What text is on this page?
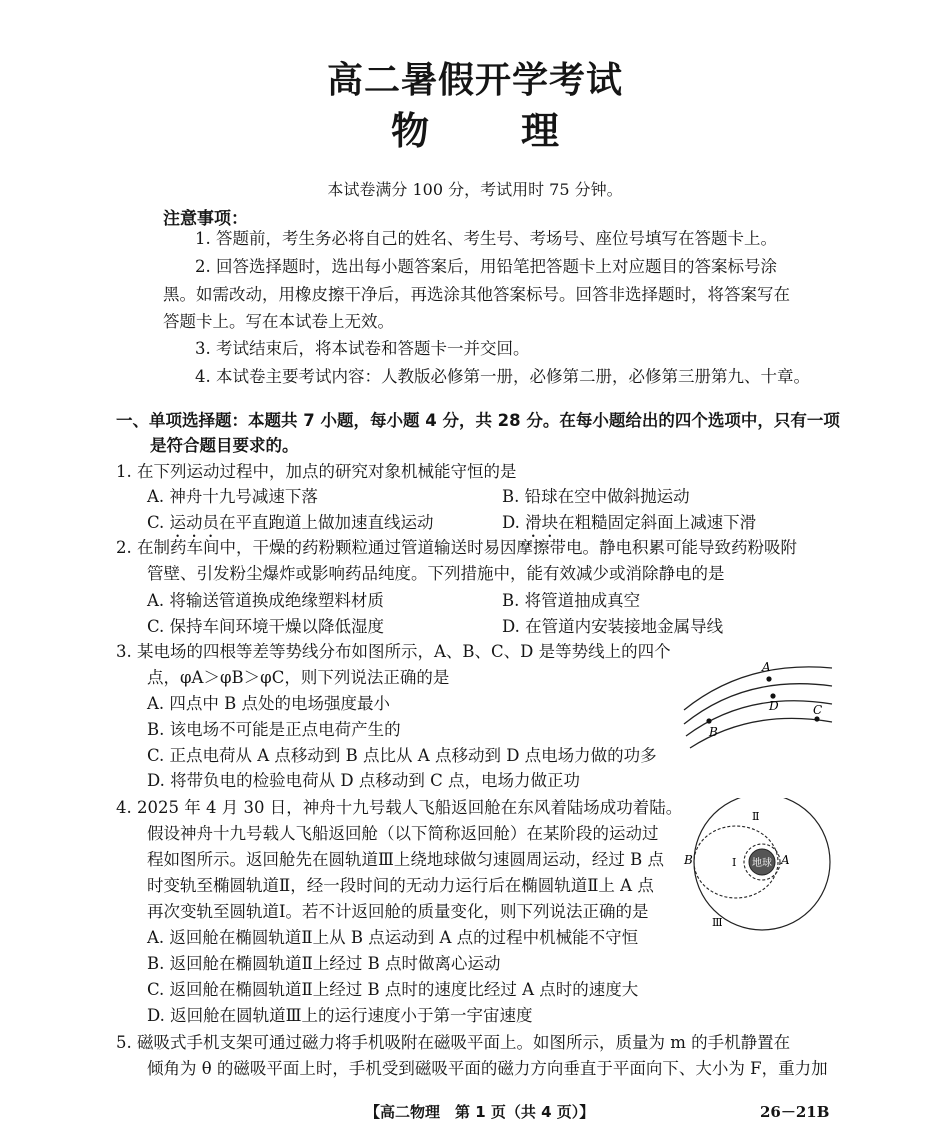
高二暑假开学考试
物 理
本试卷满分 100 分，考试用时 75 分钟。
注意事项：
1. 答题前，考生务必将自己的姓名、考生号、考场号、座位号填写在答题卡上。
2. 回答选择题时，选出每小题答案后，用铅笔把答题卡上对应题目的答案标号涂
黑。如需改动，用橡皮擦干净后，再选涂其他答案标号。回答非选择题时，将答案写在
答题卡上。写在本试卷上无效。
3. 考试结束后，将本试卷和答题卡一并交回。
4. 本试卷主要考试内容：人教版必修第一册，必修第二册，必修第三册第九、十章。
一、单项选择题：本题共 7 小题，每小题 4 分，共 28 分。在每小题给出的四个选项中，只有一项
是符合题目要求的。
1. 在下列运动过程中，加点的研究对象机械能守恒的是
A. 神舟十九号减速下落	B. 铅球在空中做斜抛运动
C. 运动员在平直跑道上做加速直线运动	D. 滑块在粗糙固定斜面上减速下滑
2. 在制药车间中，干燥的药粉颗粒通过管道输送时易因摩擦带电。静电积累可能导致药粉吸附
管壁、引发粉尘爆炸或影响药品纯度。下列措施中，能有效减少或消除静电的是
A. 将输送管道换成绝缘塑料材质	B. 将管道抽成真空
C. 保持车间环境干燥以降低湿度	D. 在管道内安装接地金属导线
3. 某电场的四根等差等势线分布如图所示，A、B、C、D 是等势线上的四个
点，φA＞φB＞φC，则下列说法正确的是
A. 四点中 B 点处的电场强度最小
B. 该电场不可能是正点电荷产生的
C. 正点电荷从 A 点移动到 B 点比从 A 点移动到 D 点电场力做的功多
D. 将带负电的检验电荷从 D 点移动到 C 点，电场力做正功
A
D
B
C
4. 2025 年 4 月 30 日，神舟十九号载人飞船返回舱在东风着陆场成功着陆。
假设神舟十九号载人飞船返回舱（以下简称返回舱）在某阶段的运动过
程如图所示。返回舱先在圆轨道Ⅲ上绕地球做匀速圆周运动，经过 B 点
时变轨至椭圆轨道Ⅱ，经一段时间的无动力运行后在椭圆轨道Ⅱ上 A 点
再次变轨至圆轨道Ⅰ。若不计返回舱的质量变化，则下列说法正确的是
A. 返回舱在椭圆轨道Ⅱ上从 B 点运动到 A 点的过程中机械能不守恒
B. 返回舱在椭圆轨道Ⅱ上经过 B 点时做离心运动
C. 返回舱在椭圆轨道Ⅱ上经过 B 点时的速度比经过 A 点时的速度大
D. 返回舱在圆轨道Ⅲ上的运行速度小于第一宇宙速度
地球
Ⅱ
Ⅰ
Ⅲ
B	A
5. 磁吸式手机支架可通过磁力将手机吸附在磁吸平面上。如图所示，质量为 m 的手机静置在
倾角为 θ 的磁吸平面上时，手机受到磁吸平面的磁力方向垂直于平面向下、大小为 F，重力加
【高二物理　第 1 页（共 4 页）】	26－21B
